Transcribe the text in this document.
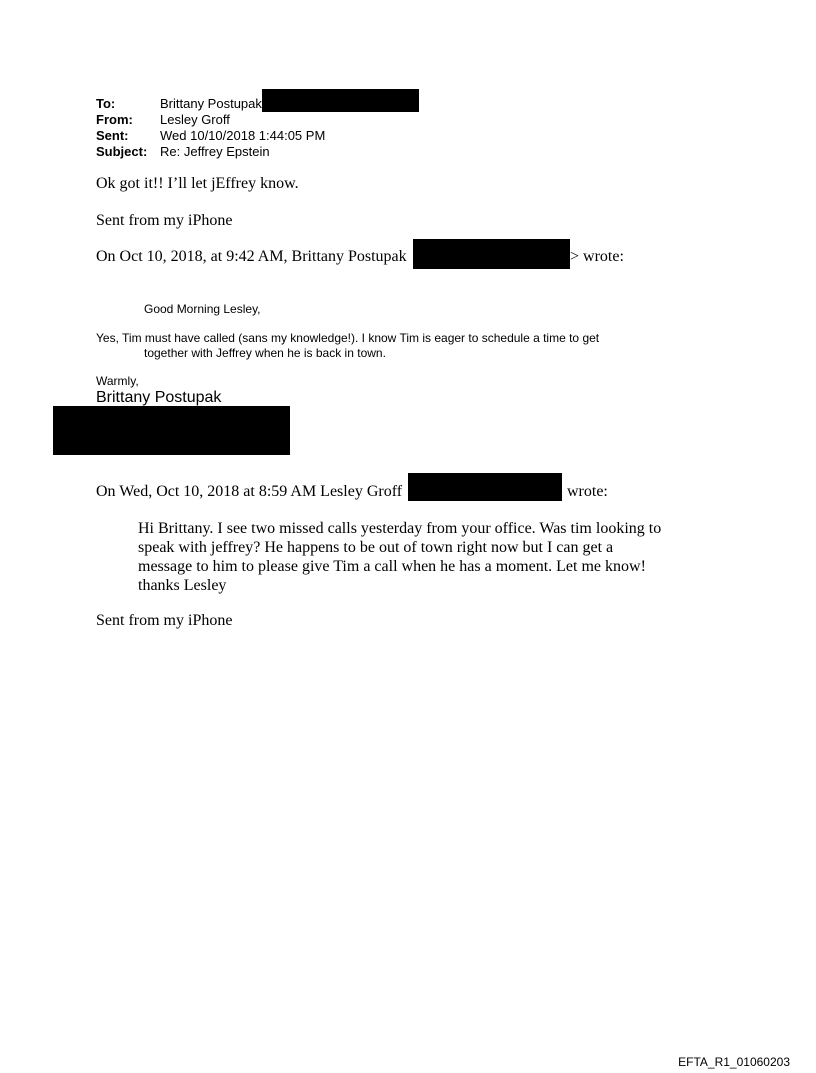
To:	Brittany Postupak
From:	Lesley Groff
Sent:	Wed 10/10/2018 1:44:05 PM
Subject: Re: Jeffrey Epstein
Ok got it!! I’ll let jEffrey know.
Sent from my iPhone
On Oct 10, 2018, at 9:42 AM, Brittany Postupak	> wrote:
Good Morning Lesley,
Yes, Tim must have called (sans my knowledge!). I know Tim is eager to schedule a time to get
together with Jeffrey when he is back in town.
Warmly,
Brittany Postupak
On Wed, Oct 10, 2018 at 8:59 AM Lesley Groff	wrote:
Hi Brittany. I see two missed calls yesterday from your office. Was tim looking to
speak with jeffrey? He happens to be out of town right now but I can get a
message to him to please give Tim a call when he has a moment. Let me know!
thanks Lesley
Sent from my iPhone
EFTA_R1_01060203
